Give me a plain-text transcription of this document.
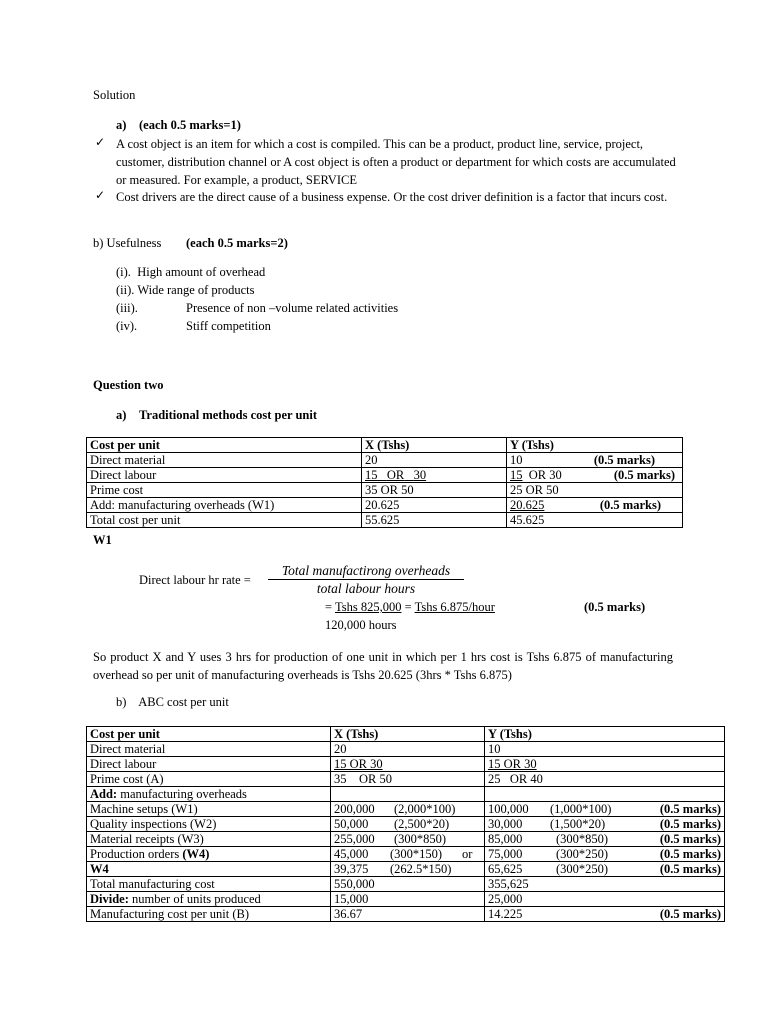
Solution
a) (each 0.5 marks=1)
✓ A cost object is an item for which a cost is compiled. This can be a product, product line, service, project, customer, distribution channel or A cost object is often a product or department for which costs are accumulated or measured. For example, a product, SERVICE
✓ Cost drivers are the direct cause of a business expense. Or the cost driver definition is a factor that incurs cost.
b) Usefulness (each 0.5 marks=2)
(i). High amount of overhead
(ii). Wide range of products
(iii).	Presence of non –volume related activities
(iv).	Stiff competition
Question two
a) Traditional methods cost per unit
Cost per unit	X (Tshs)	Y (Tshs)
Direct material	20	10 (0.5 marks)

Direct labour	15 OR 30	15 OR 30 (0.5 marks)

Prime cost	35 OR 50	25 OR 50
Add: manufacturing overheads (W1)	20.625	20.625 (0.5 marks)

Total cost per unit	55.625	45.625
W1
Direct labour hr rate =
Total manufactirong overheads
total labour hours
= Tshs 825,000 = Tshs 6.875/hour	(0.5 marks)
120,000 hours
So product X and Y uses 3 hrs for production of one unit in which per 1 hrs cost is Tshs 6.875 of manufacturing overhead so per unit of manufacturing overheads is Tshs 20.625 (3hrs * Tshs 6.875)
b)    ABC cost per unit
Cost per unit	X (Tshs)	Y (Tshs)
Direct material	20	10
Direct labour	15 OR 30	15 OR 30
Prime cost (A)	35    OR 50	25   OR 40
Add: manufacturing overheads		
Machine setups (W1)	200,000 (2,000*100)	100,000 (1,000*100) (0.5 marks)

Quality inspections (W2)	50,000 (2,500*20)	30,000 (1,500*20) (0.5 marks)

Material receipts (W3)	255,000 (300*850)	85,000 (300*850) (0.5 marks)

Production orders (W4)	45,000 (300*150) or	75,000 (300*250) (0.5 marks)

W4	39,375 (262.5*150)	65,625 (300*250) (0.5 marks)

Total manufacturing cost	550,000	355,625
Divide: number of units produced	15,000	25,000
Manufacturing cost per unit (B)	36.67	14.225 (0.5 marks)
